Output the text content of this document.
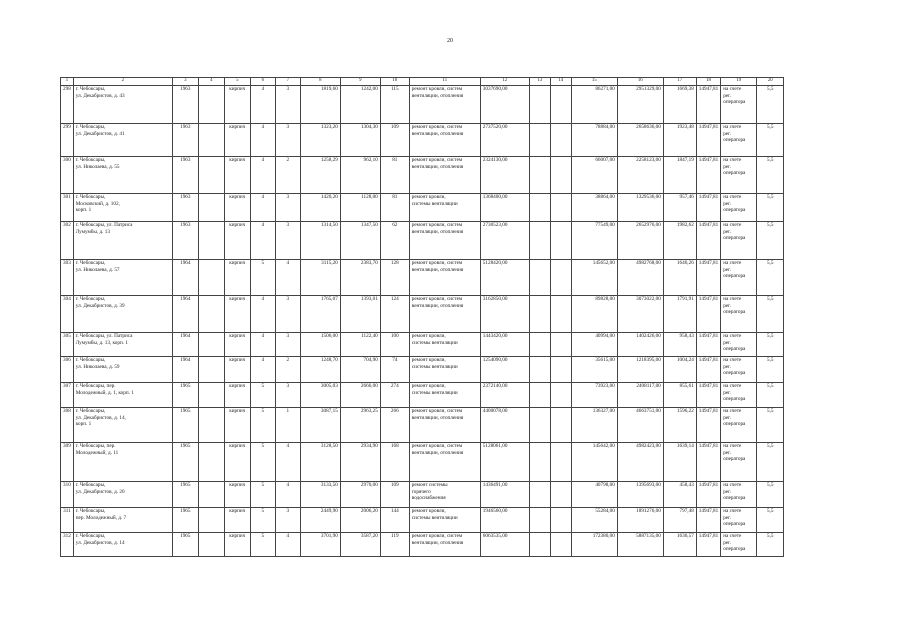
20
1	2	3	4	5	6	7	8	9	10	11	12	13	14	15	16	17	18	19	20
298	г. Чебоксары,
ул. Декабристов, д. 43	1963		кирпич	4	3	1819,60	1242,00	115	ремонт кровли, систем
вентиляции, отопления	3037690,00			86271,00	2951329,00	1669,38	14947,81	на счете
рег.
оператора	5,5
299	г. Чебоксары,
ул. Декабристов, д. 41	1963		кирпич	4	3	1323,20	1304,30	109	ремонт кровли, систем
вентиляции, отопления	2737520,00			78884,00	2658636,00	1923,48	14947,81	на счете
рег.
оператора	5,5
300	г. Чебоксары,
ул. Николаева, д. 55	1963		кирпич	4	2	1258,29	962,10	81	ремонт кровли, систем
вентиляции, отопления	2324130,00			66007,00	2258123,00	1847,19	14947,81	на счете
рег.
оператора	5,5
301	г. Чебоксары,
Московский, д. 102,
корп. 1	1963		кирпич	4	3	1420,20	1128,00	81	ремонт кровли,
системы вентиляции	1368400,00			38864,00	1329536,00	957,46	14947,81	на счете
рег.
оператора	5,5
302	г. Чебоксары, ул. Патриса
Лумумбы, д. 13	1963		кирпич	4	3	1314,50	1347,50	62	ремонт кровли, систем
вентиляции, отопления	2730523,00			77549,00	2652976,00	1982,62	14947,81	на счете
рег.
оператора	5,5
303	г. Чебоксары,
ул. Николаева, д. 57	1964		кирпич	5	4	3115,20	2383,70	128	ремонт кровли, систем
вентиляции, отопления	5128420,00			145652,00	4982768,00	1646,26	14947,81	на счете
рег.
оператора	5,5
304	г. Чебоксары,
ул. Декабристов, д. 39	1964		кирпич	4	3	1765,07	1393,01	124	ремонт кровли, систем
вентиляции, отопления	3162850,00			89828,00	3073022,00	1791,91	14947,81	на счете
рег.
оператора	5,5
305	г. Чебоксары, ул. Патриса
Лумумбы, д. 13, корп. 1	1964		кирпич	4	3	1506,00	1122,40	100	ремонт кровли,
системы вентиляции	1443420,00			40994,00	1402426,00	958,43	14947,81	на счете
рег.
оператора	5,5
306	г. Чебоксары,
ул. Николаева, д. 59	1964		кирпич	4	2	1248,70	704,90	74	ремонт кровли,
системы вентиляции	1254090,00			35615,00	1218395,00	1004,24	14947,81	на счете
рег.
оператора	5,5
307	г. Чебоксары, пер.
Молодежный, д. 1, корп. 1	1965		кирпич	5	3	3005,03	2666,00	274	ремонт кровли,
системы вентиляции	2372140,00			73923,00	2408117,00	855,61	14947,81	на счете
рег.
оператора	5,5
308	г. Чебоксары,
ул. Декабристов, д. 14,
корп. 1	1965		кирпич	5	1	3087,15	2963,25	266	ремонт кровли, систем
вентиляции, отопления	4400078,00			136327,00	4663751,00	1596,22	14947,81	на счете
рег.
оператора	5,5
309	г. Чебоксары, пер.
Молодежный, д. 11	1965		кирпич	5	4	3128,50	2934,90	168	ремонт кровли, систем
вентиляции, отопления	5128061,00			145642,00	4982423,00	1639,14	14947,81	на счете
рег.
оператора	5,5
310	г. Чебоксары,
ул. Декабристов, д. 20	1965		кирпич	5	4	3133,50	2970,00	109	ремонт системы
горячего
водоснабжения	1436491,00			40798,00	1395693,00	458,43	14947,81	на счете
рег.
оператора	5,5
311	г. Чебоксары,
пер. Молодежный, д. 7	1965		кирпич	5	3	2449,90	2006,20	144	ремонт кровли,
системы вентиляции	1946560,00			55284,00	1891276,00	797,48	14947,81	на счете
рег.
оператора	5,5
312	г. Чебоксары,
ул. Декабристов, д. 14	1965		кирпич	5	4	3701,90	3587,20	119	ремонт кровли, систем
вентиляции, отопления	6063535,00			172380,00	5887135,00	1630,57	14947,81	на счете
рег.
оператора	5,5
